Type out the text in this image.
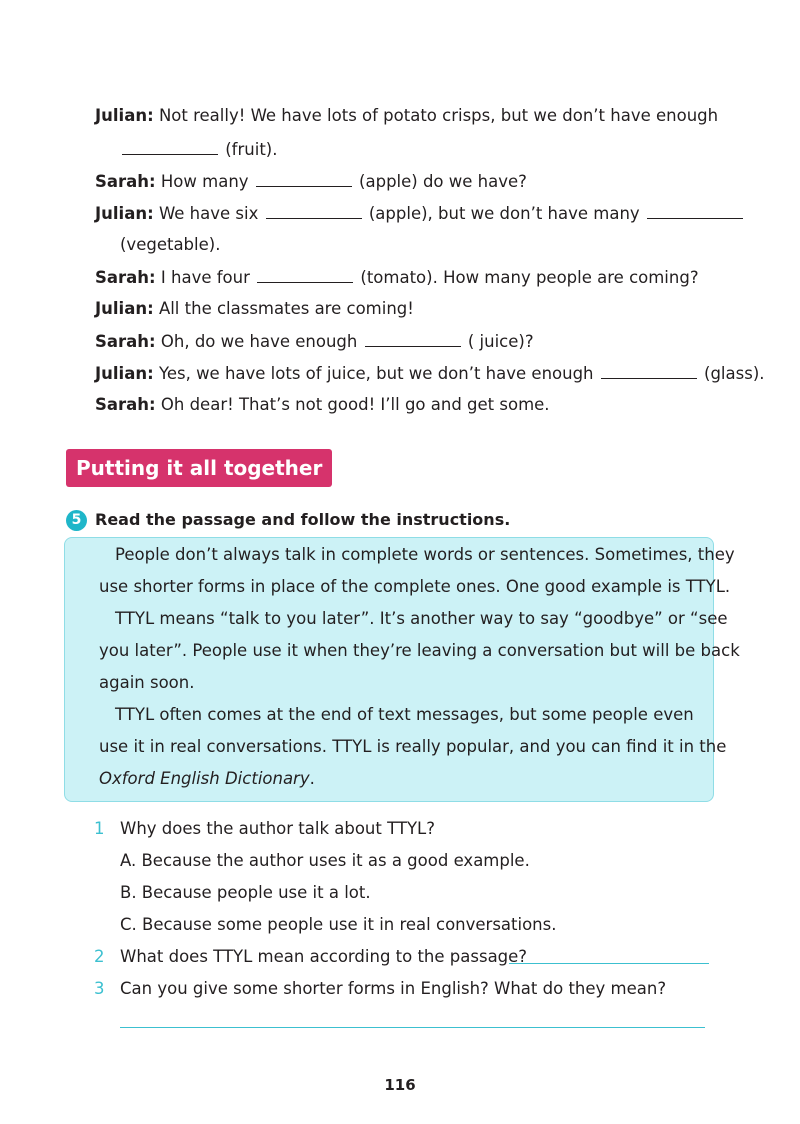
Julian: Not really! We have lots of potato crisps, but we don’t have enough
(fruit).
Sarah: How many	(apple) do we have?
Julian: We have six	(apple), but we don’t have many
(vegetable).
Sarah: I have four	(tomato). How many people are coming?
Julian: All the classmates are coming!
Sarah: Oh, do we have enough	( juice)?
Julian: Yes, we have lots of juice, but we don’t have enough	(glass).
Sarah: Oh dear! That’s not good! I’ll go and get some.
Putting it all together
5 Read the passage and follow the instructions.
People don’t always talk in complete words or sentences. Sometimes, they
use shorter forms in place of the complete ones. One good example is TTYL.
TTYL means “talk to you later”. It’s another way to say “goodbye” or “see
you later”. People use it when they’re leaving a conversation but will be back
again soon.
TTYL often comes at the end of text messages, but some people even
use it in real conversations. TTYL is really popular, and you can find it in the
Oxford English Dictionary.
1 Why does the author talk about TTYL?
A. Because the author uses it as a good example.
B. Because people use it a lot.
C. Because some people use it in real conversations.
2 What does TTYL mean according to the passage?
3 Can you give some shorter forms in English? What do they mean?
116
